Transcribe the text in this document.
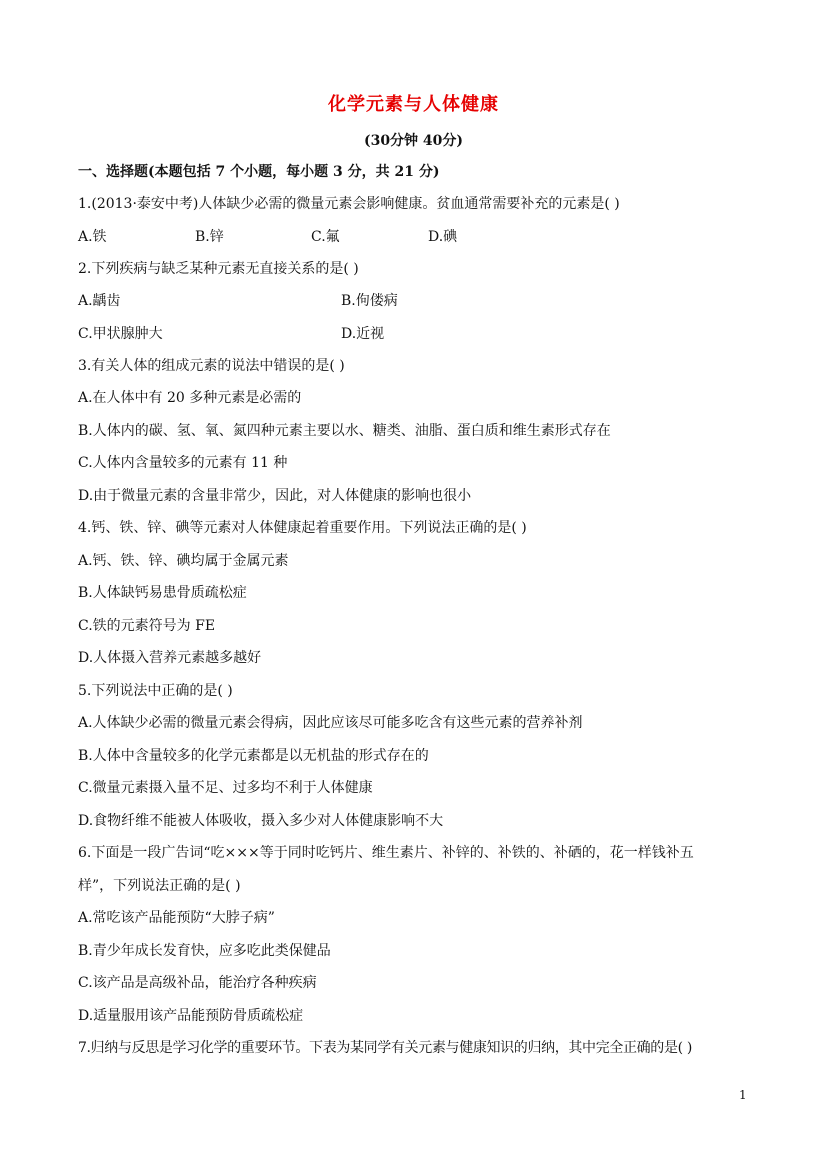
化学元素与人体健康
(30分钟 40分)
一、选择题(本题包括 7 个小题，每小题 3 分，共 21 分)
1.(2013·泰安中考)人体缺少必需的微量元素会影响健康。贫血通常需要补充的元素是( )
A.铁	B.锌	C.氟	D.碘
2.下列疾病与缺乏某种元素无直接关系的是( )
A.龋齿	B.佝偻病
C.甲状腺肿大	D.近视
3.有关人体的组成元素的说法中错误的是( )
A.在人体中有 20 多种元素是必需的
B.人体内的碳、氢、氧、氮四种元素主要以水、糖类、油脂、蛋白质和维生素形式存在
C.人体内含量较多的元素有 11 种
D.由于微量元素的含量非常少，因此，对人体健康的影响也很小
4.钙、铁、锌、碘等元素对人体健康起着重要作用。下列说法正确的是( )
A.钙、铁、锌、碘均属于金属元素
B.人体缺钙易患骨质疏松症
C.铁的元素符号为 FE
D.人体摄入营养元素越多越好
5.下列说法中正确的是( )
A.人体缺少必需的微量元素会得病，因此应该尽可能多吃含有这些元素的营养补剂
B.人体中含量较多的化学元素都是以无机盐的形式存在的
C.微量元素摄入量不足、过多均不利于人体健康
D.食物纤维不能被人体吸收，摄入多少对人体健康影响不大
6.下面是一段广告词“吃×××等于同时吃钙片、维生素片、补锌的、补铁的、补硒的，花一样钱补五
样”，下列说法正确的是( )
A.常吃该产品能预防“大脖子病”
B.青少年成长发育快，应多吃此类保健品
C.该产品是高级补品，能治疗各种疾病
D.适量服用该产品能预防骨质疏松症
7.归纳与反思是学习化学的重要环节。下表为某同学有关元素与健康知识的归纳，其中完全正确的是( )
1
